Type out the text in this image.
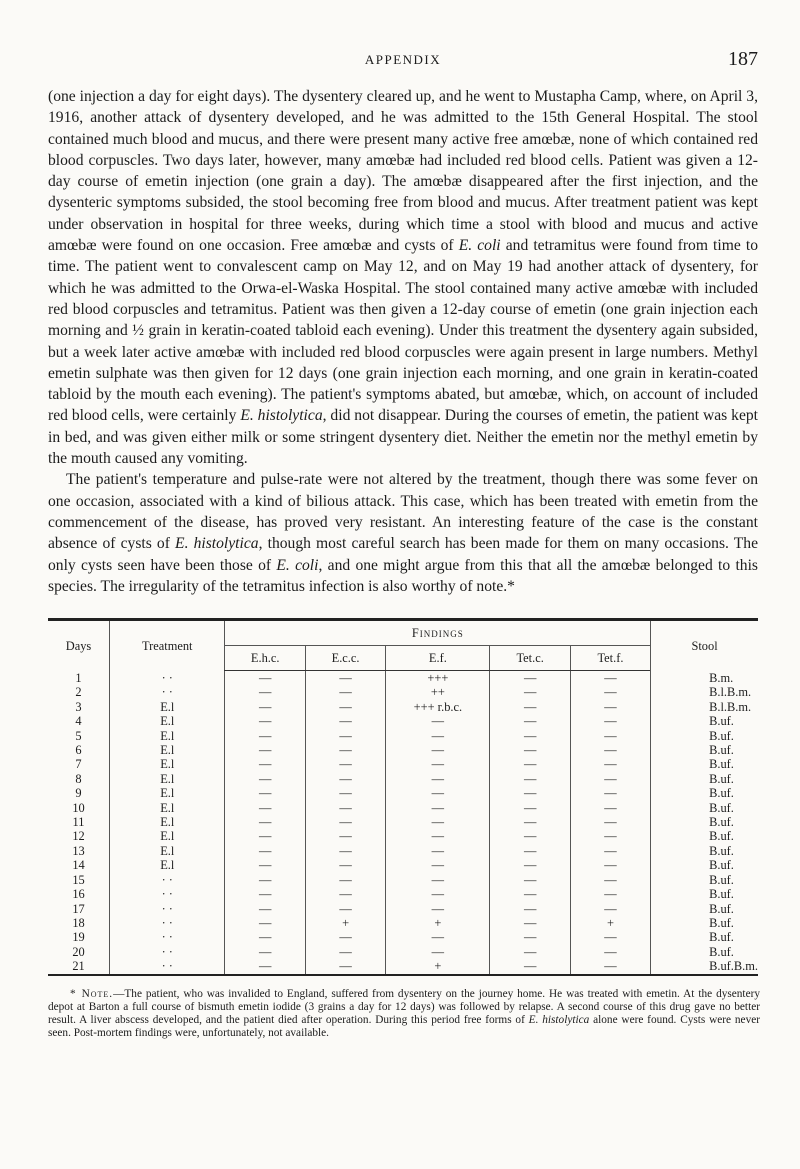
APPENDIX	187

(one injection a day for eight days). The dysentery cleared up, and he went to Mustapha Camp, where, on April 3, 1916, another attack of dysentery developed, and he was admitted to the 15th General Hospital. The stool contained much blood and mucus, and there were present many active free amœbæ, none of which contained red blood corpuscles. Two days later, however, many amœbæ had included red blood cells. Patient was given a 12-day course of emetin injection (one grain a day). The amœbæ disappeared after the first injection, and the dysenteric symptoms subsided, the stool becoming free from blood and mucus. After treatment patient was kept under observation in hospital for three weeks, during which time a stool with blood and mucus and active amœbæ were found on one occasion. Free amœbæ and cysts of E. coli and tetramitus were found from time to time. The patient went to convalescent camp on May 12, and on May 19 had another attack of dysentery, for which he was admitted to the Orwa-el-Waska Hospital. The stool contained many active amœbæ with included red blood corpuscles and tetramitus. Patient was then given a 12-day course of emetin (one grain injection each morning and ½ grain in keratin-coated tabloid each evening). Under this treatment the dysentery again subsided, but a week later active amœbæ with included red blood corpuscles were again present in large numbers. Methyl emetin sulphate was then given for 12 days (one grain injection each morning, and one grain in keratin-coated tabloid by the mouth each evening). The patient's symptoms abated, but amœbæ, which, on account of included red blood cells, were certainly E. histolytica, did not disappear. During the courses of emetin, the patient was kept in bed, and was given either milk or some stringent dysentery diet. Neither the emetin nor the methyl emetin by the mouth caused any vomiting.

The patient's temperature and pulse-rate were not altered by the treatment, though there was some fever on one occasion, associated with a kind of bilious attack. This case, which has been treated with emetin from the commencement of the disease, has proved very resistant. An interesting feature of the case is the constant absence of cysts of E. histolytica, though most careful search has been made for them on many occasions. The only cysts seen have been those of E. coli, and one might argue from this that all the amœbæ belonged to this species. The irregularity of the tetramitus infection is also worthy of note.*

Days	Treatment	Findings					Stool
		E.h.c.	E.c.c.	E.f.	Tet.c.	Tet.f.	
1	· ·	—	—	+++	—	—	B.m.
2	· ·	—	—	++	—	—	B.l.B.m.
3	E.l	—	—	+++ r.b.c.	—	—	B.l.B.m.
4	E.l	—	—	—	—	—	B.uf.
5	E.l	—	—	—	—	—	B.uf.
6	E.l	—	—	—	—	—	B.uf.
7	E.l	—	—	—	—	—	B.uf.
8	E.l	—	—	—	—	—	B.uf.
9	E.l	—	—	—	—	—	B.uf.
10	E.l	—	—	—	—	—	B.uf.
11	E.l	—	—	—	—	—	B.uf.
12	E.l	—	—	—	—	—	B.uf.
13	E.l	—	—	—	—	—	B.uf.
14	E.l	—	—	—	—	—	B.uf.
15	· ·	—	—	—	—	—	B.uf.
16	· ·	—	—	—	—	—	B.uf.
17	· ·	—	—	—	—	—	B.uf.
18	· ·	—	+	+	—	+	B.uf.
19	· ·	—	—	—	—	—	B.uf.
20	· ·	—	—	—	—	—	B.uf.
21	· ·	—	—	+	—	—	B.uf.B.m.
* Note.—The patient, who was invalided to England, suffered from dysentery on the journey home. He was treated with emetin. At the dysentery depot at Barton a full course of bismuth emetin iodide (3 grains a day for 12 days) was followed by relapse. A second course of this drug gave no better result. A liver abscess developed, and the patient died after operation. During this period free forms of E. histolytica alone were found. Cysts were never seen. Post-mortem findings were, unfortunately, not available.
